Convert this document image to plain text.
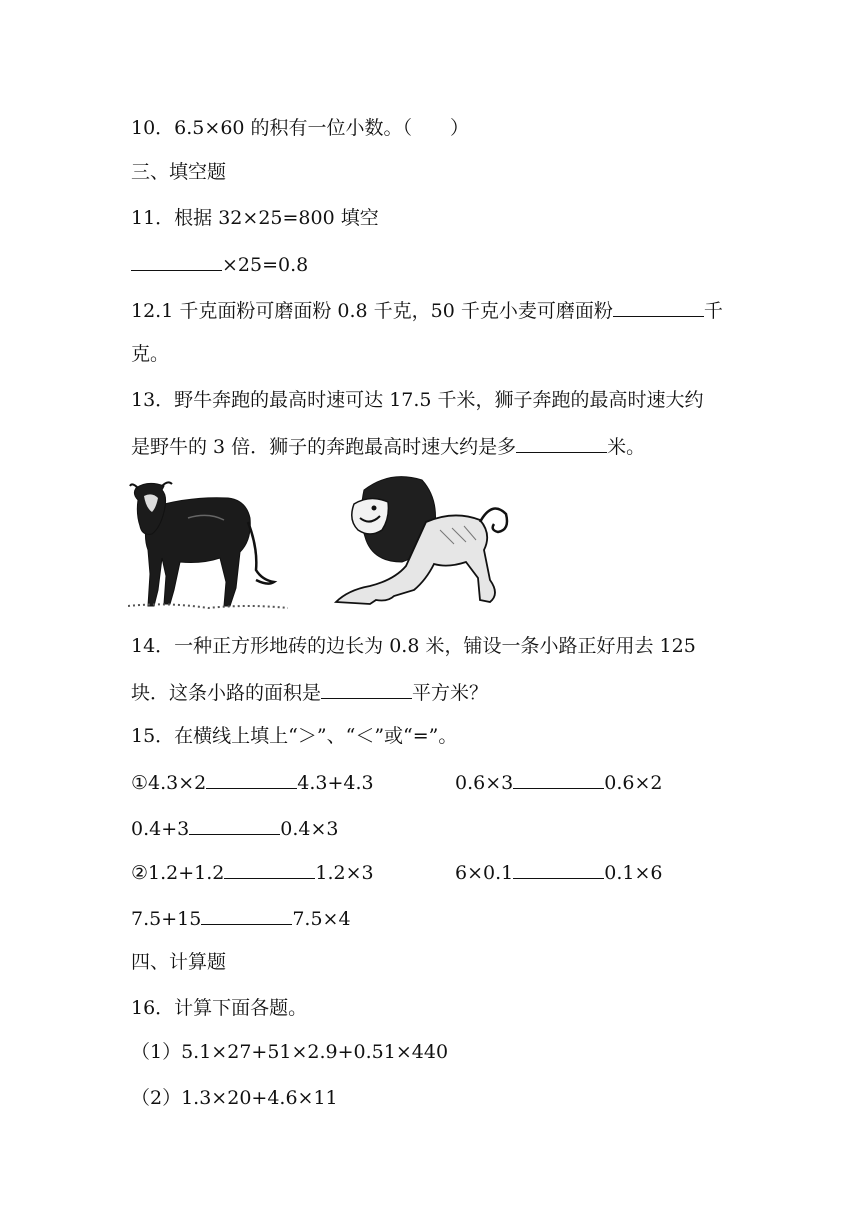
10．6.5×60 的积有一位小数。（　　）
三、填空题
11．根据 32×25=800 填空
×25=0.8
12.1 千克面粉可磨面粉 0.8 千克，50 千克小麦可磨面粉	千
克。
13．野牛奔跑的最高时速可达 17.5 千米，狮子奔跑的最高时速大约
是野牛的 3 倍．狮子的奔跑最高时速大约是多	米。
14．一种正方形地砖的边长为 0.8 米，铺设一条小路正好用去 125
块．这条小路的面积是	平方米？
15．在横线上填上“＞”、“＜”或“=”。
①4.3×2	4.3+4.3	0.6×3	0.6×2
0.4+3	0.4×3
②1.2+1.2	1.2×3	6×0.1	0.1×6
7.5+15	7.5×4
四、计算题
16．计算下面各题。
（1）5.1×27+51×2.9+0.51×440
（2）1.3×20+4.6×11
